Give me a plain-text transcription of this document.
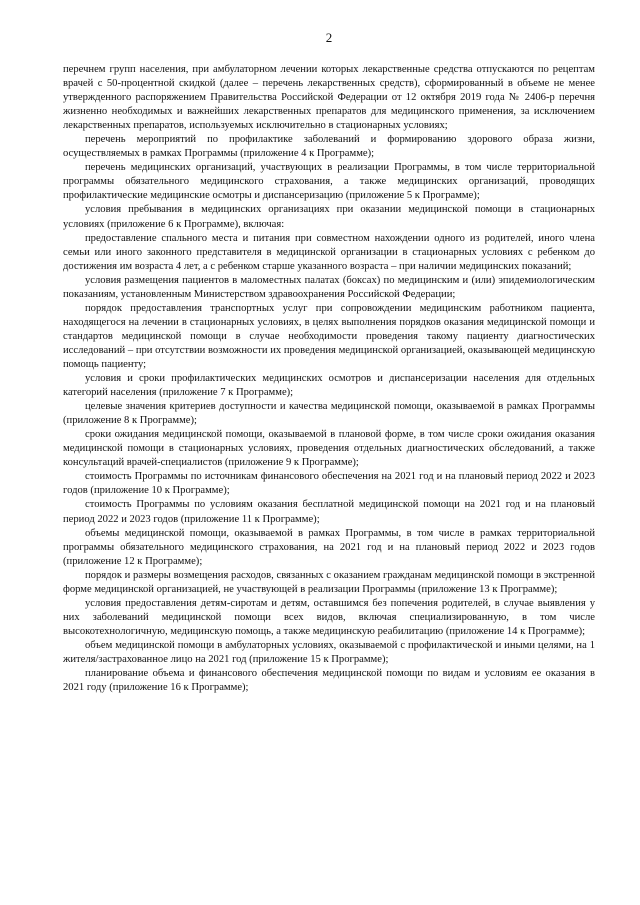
2

перечнем групп населения, при амбулаторном лечении которых лекарственные средства отпускаются по рецептам врачей с 50-процентной скидкой (далее – перечень лекарственных средств), сформированный в объеме не менее утвержденного распоряжением Правительства Российской Федерации от 12 октября 2019 года № 2406-р перечня жизненно необходимых и важнейших лекарственных препаратов для медицинского применения, за исключением лекарственных препаратов, используемых исключительно в стационарных условиях;

перечень мероприятий по профилактике заболеваний и формированию здорового образа жизни, осуществляемых в рамках Программы (приложение 4 к Программе);

перечень медицинских организаций, участвующих в реализации Программы, в том числе территориальной программы обязательного медицинского страхования, а также медицинских организаций, проводящих профилактические медицинские осмотры и диспансеризацию (приложение 5 к Программе);

условия пребывания в медицинских организациях при оказании медицинской помощи в стационарных условиях (приложение 6 к Программе), включая:

предоставление спального места и питания при совместном нахождении одного из родителей, иного члена семьи или иного законного представителя в медицинской организации в стационарных условиях с ребенком до достижения им возраста 4 лет, а с ребенком старше указанного возраста – при наличии медицинских показаний;

условия размещения пациентов в маломестных палатах (боксах) по медицинским и (или) эпидемиологическим показаниям, установленным Министерством здравоохранения Российской Федерации;

порядок предоставления транспортных услуг при сопровождении медицинским работником пациента, находящегося на лечении в стационарных условиях, в целях выполнения порядков оказания медицинской помощи и стандартов медицинской помощи в случае необходимости проведения такому пациенту диагностических исследований – при отсутствии возможности их проведения медицинской организацией, оказывающей медицинскую помощь пациенту;

условия и сроки профилактических медицинских осмотров и диспансеризации населения для отдельных категорий населения (приложение 7 к Программе);

целевые значения критериев доступности и качества медицинской помощи, оказываемой в рамках Программы (приложение 8 к Программе);

сроки ожидания медицинской помощи, оказываемой в плановой форме, в том числе сроки ожидания оказания медицинской помощи в стационарных условиях, проведения отдельных диагностических обследований, а также консультаций врачей-специалистов (приложение 9 к Программе);

стоимость Программы по источникам финансового обеспечения на 2021 год и на плановый период 2022 и 2023 годов (приложение 10 к Программе);

стоимость Программы по условиям оказания бесплатной медицинской помощи на 2021 год и на плановый период 2022 и 2023 годов (приложение 11 к Программе);

объемы медицинской помощи, оказываемой в рамках Программы, в том числе в рамках территориальной программы обязательного медицинского страхования, на 2021 год и на плановый период 2022 и 2023 годов (приложение 12 к Программе);

порядок и размеры возмещения расходов, связанных с оказанием гражданам медицинской помощи в экстренной форме медицинской организацией, не участвующей в реализации Программы (приложение 13 к Программе);

условия предоставления детям-сиротам и детям, оставшимся без попечения родителей, в случае выявления у них заболеваний медицинской помощи всех видов, включая специализированную, в том числе высокотехнологичную, медицинскую помощь, а также медицинскую реабилитацию (приложение 14 к Программе);

объем медицинской помощи в амбулаторных условиях, оказываемой с профилактической и иными целями, на 1 жителя/застрахованное лицо на 2021 год (приложение 15 к Программе);

планирование объема и финансового обеспечения медицинской помощи по видам и условиям ее оказания в 2021 году (приложение 16 к Программе);
